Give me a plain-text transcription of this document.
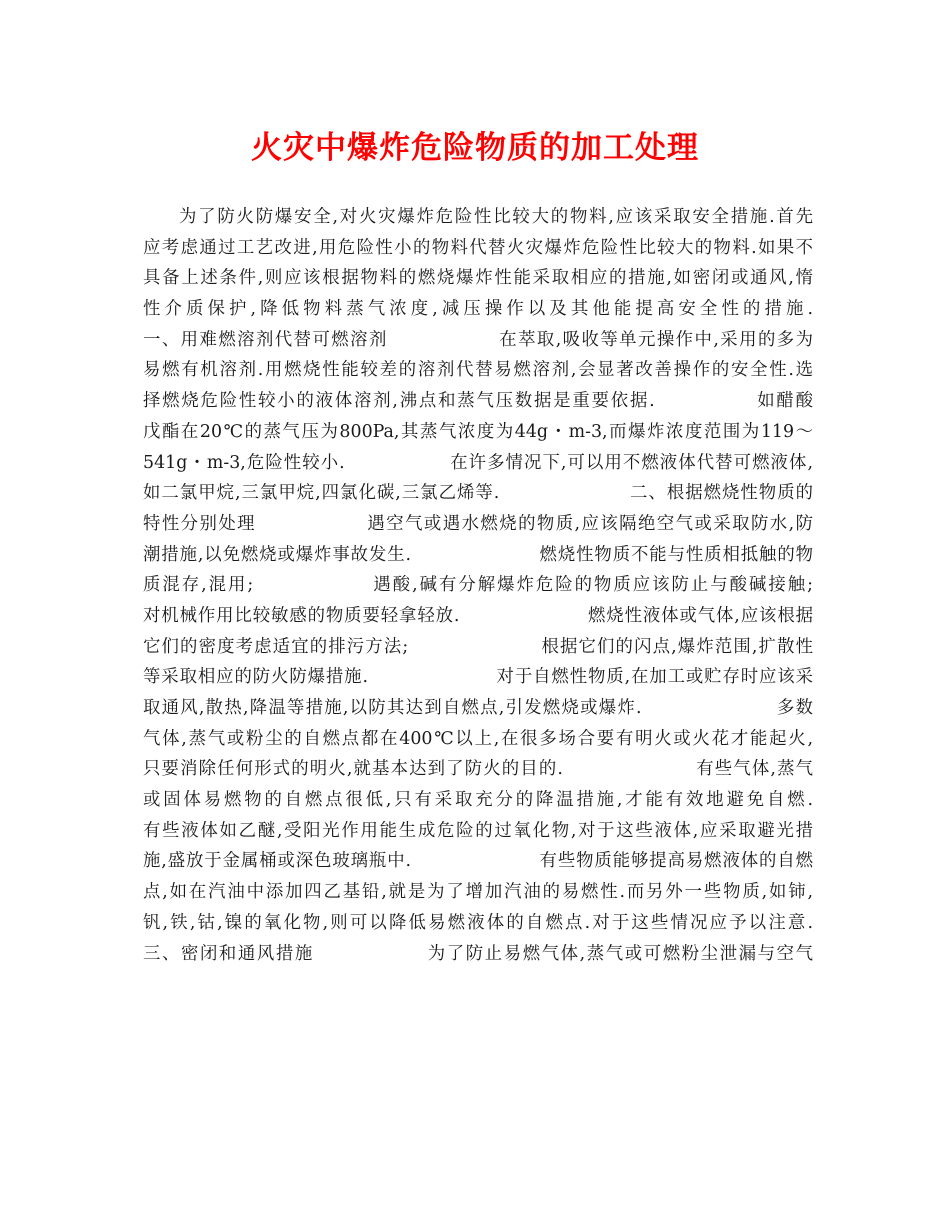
火灾中爆炸危险物质的加工处理
为了防火防爆安全,对火灾爆炸危险性比较大的物料,应该采取安全措施.首先
应考虑通过工艺改进,用危险性小的物料代替火灾爆炸危险性比较大的物料.如果不
具备上述条件,则应该根据物料的燃烧爆炸性能采取相应的措施,如密闭或通风,惰
性介质保护,降低物料蒸气浓度,减压操作以及其他能提高安全性的措施.
一、用难燃溶剂代替可燃溶剂                在萃取,吸收等单元操作中,采用的多为
易燃有机溶剂.用燃烧性能较差的溶剂代替易燃溶剂,会显著改善操作的安全性.选
择燃烧危险性较小的液体溶剂,沸点和蒸气压数据是重要依据.              如醋酸
戊酯在20℃的蒸气压为800Pa,其蒸气浓度为44g・m-3,而爆炸浓度范围为119～
541g・m-3,危险性较小.                在许多情况下,可以用不燃液体代替可燃液体,
如二氯甲烷,三氯甲烷,四氯化碳,三氯乙烯等.                    二、根据燃烧性物质的
特性分别处理                遇空气或遇水燃烧的物质,应该隔绝空气或采取防水,防
潮措施,以免燃烧或爆炸事故发生.                    燃烧性物质不能与性质相抵触的物
质混存,混用;                遇酸,碱有分解爆炸危险的物质应该防止与酸碱接触;
对机械作用比较敏感的物质要轻拿轻放.                    燃烧性液体或气体,应该根据
它们的密度考虑适宜的排污方法;                    根据它们的闪点,爆炸范围,扩散性
等采取相应的防火防爆措施.                    对于自燃性物质,在加工或贮存时应该采
取通风,散热,降温等措施,以防其达到自燃点,引发燃烧或爆炸.                    多数
气体,蒸气或粉尘的自燃点都在400℃以上,在很多场合要有明火或火花才能起火,
只要消除任何形式的明火,就基本达到了防火的目的.                    有些气体,蒸气
或固体易燃物的自燃点很低,只有采取充分的降温措施,才能有效地避免自燃.
有些液体如乙醚,受阳光作用能生成危险的过氧化物,对于这些液体,应采取避光措
施,盛放于金属桶或深色玻璃瓶中.                    有些物质能够提高易燃液体的自燃
点,如在汽油中添加四乙基铅,就是为了增加汽油的易燃性.而另外一些物质,如铈,
钒,铁,钴,镍的氧化物,则可以降低易燃液体的自燃点.对于这些情况应予以注意.
三、密闭和通风措施                为了防止易燃气体,蒸气或可燃粉尘泄漏与空气
